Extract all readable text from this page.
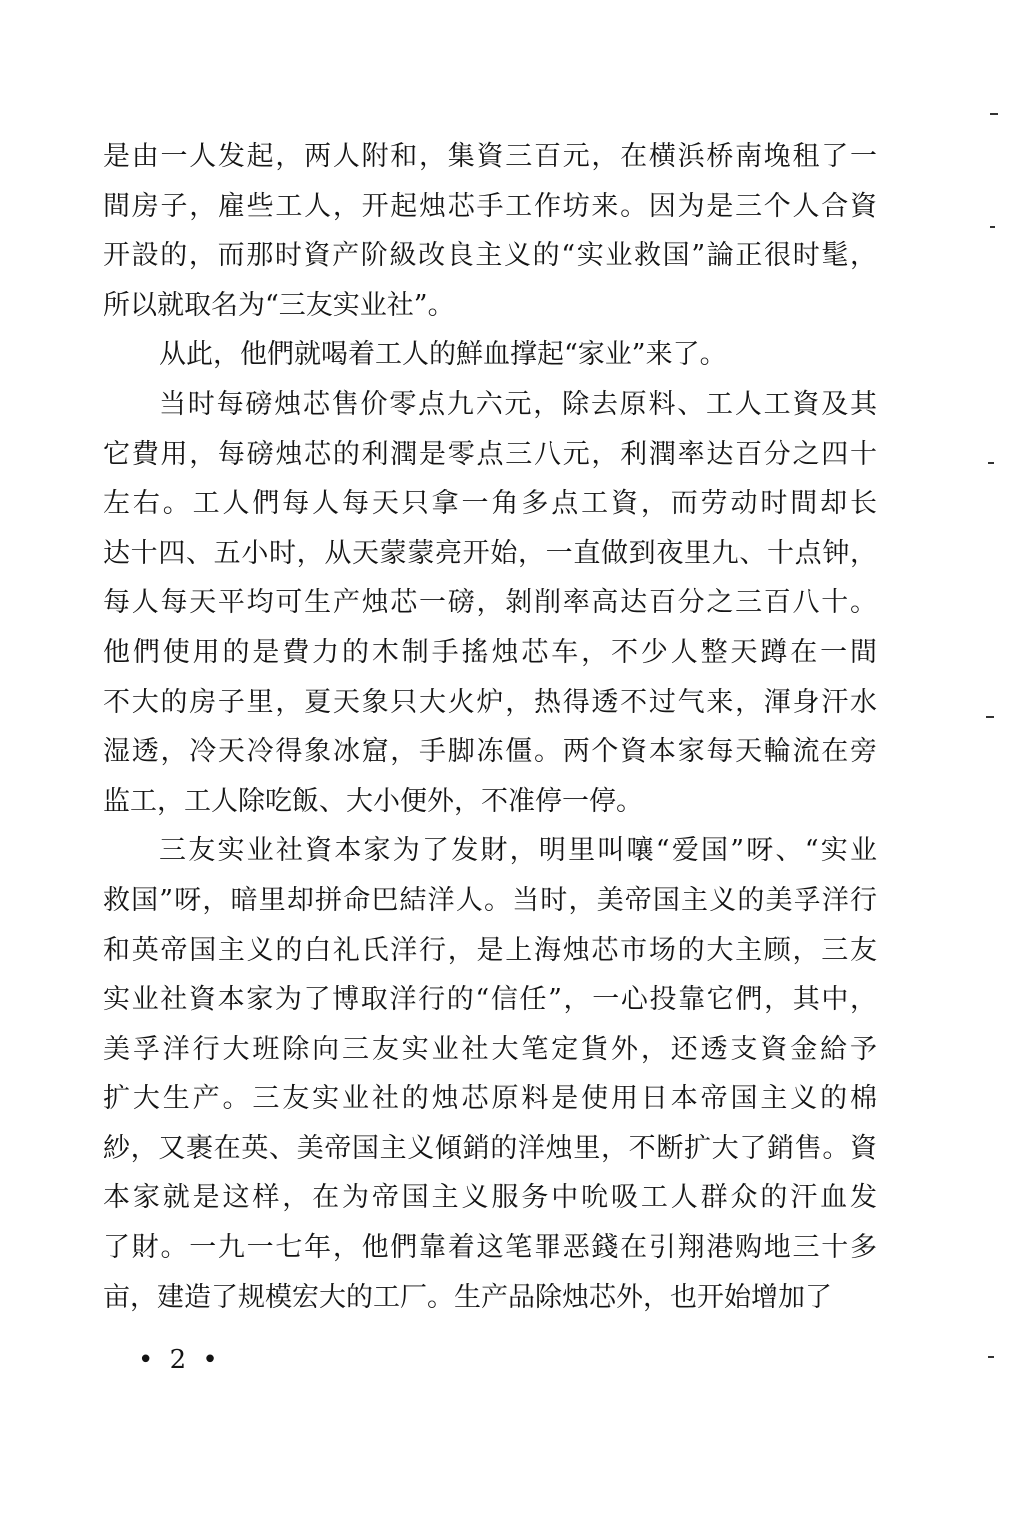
是由一人发起，两人附和，集資三百元，在横浜桥南堍租了一
間房子，雇些工人，开起烛芯手工作坊来。因为是三个人合資
开設的，而那时資产阶級改良主义的“实业救国”論正很时髦，
所以就取名为“三友实业社”。
从此，他們就喝着工人的鮮血撑起“家业”来了。
当时每磅烛芯售价零点九六元，除去原料、工人工資及其
它費用，每磅烛芯的利潤是零点三八元，利潤率达百分之四十
左右。工人們每人每天只拿一角多点工資，而劳动时間却长
达十四、五小时，从天蒙蒙亮开始，一直做到夜里九、十点钟，
每人每天平均可生产烛芯一磅，剝削率高达百分之三百八十。
他們使用的是費力的木制手搖烛芯车，不少人整天蹲在一間
不大的房子里，夏天象只大火炉，热得透不过气来，渾身汗水
湿透，冷天冷得象冰窟，手脚冻僵。两个資本家每天輪流在旁
监工，工人除吃飯、大小便外，不准停一停。
三友实业社資本家为了发財，明里叫嚷“爱国”呀、“实业
救国”呀，暗里却拼命巴結洋人。当时，美帝国主义的美孚洋行
和英帝国主义的白礼氏洋行，是上海烛芯市场的大主顾，三友
实业社資本家为了博取洋行的“信任”，一心投靠它們，其中，
美孚洋行大班除向三友实业社大笔定貨外，还透支資金給予
扩大生产。三友实业社的烛芯原料是使用日本帝国主义的棉
紗，又裹在英、美帝国主义傾銷的洋烛里，不断扩大了銷售。資
本家就是这样，在为帝国主义服务中吮吸工人群众的汗血发
了財。一九一七年，他們靠着这笔罪恶錢在引翔港购地三十多
亩，建造了规模宏大的工厂。生产品除烛芯外，也开始增加了
• 2 •
